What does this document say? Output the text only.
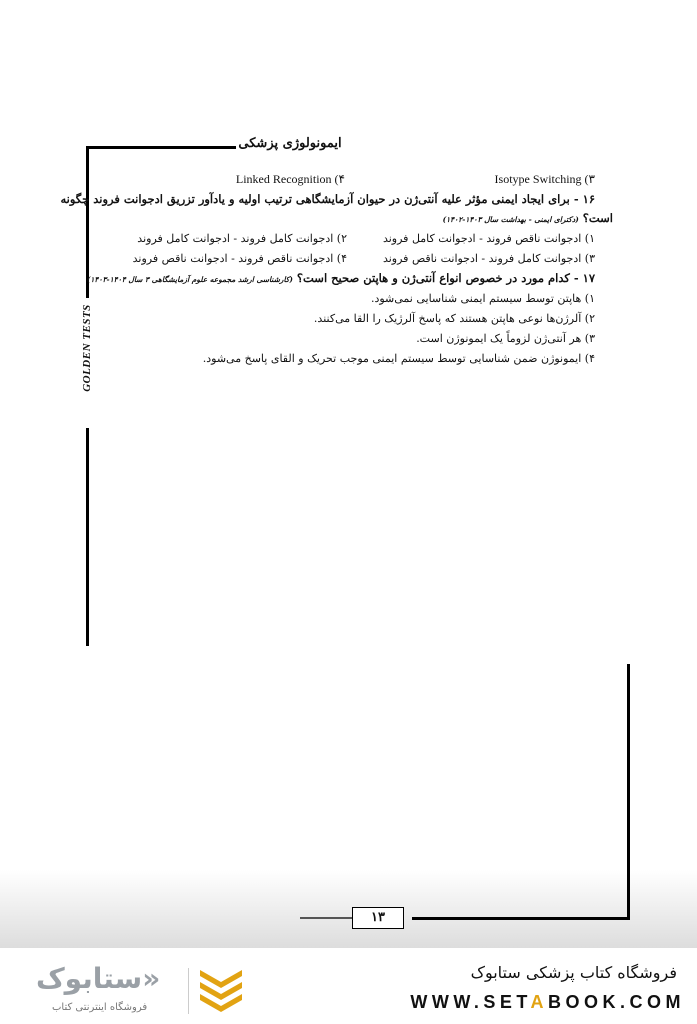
ایمونولوژی پزشکی
GOLDEN TESTS
۳) Isotype Switching
۴) Linked Recognition
۱۶ - برای ایجاد ایمنی مؤثر علیه آنتی‌ژن در حیوان آزمایشگاهی ترتیب اولیه و یادآور تزریق ادجوانت فروند چگونه
است؟ (دکترای ایمنی - بهداشت سال ۱۴۰۳-۱۴۰۲)
۱) ادجوانت ناقص فروند - ادجوانت کامل فروند
۲) ادجوانت کامل فروند - ادجوانت کامل فروند
۳) ادجوانت کامل فروند - ادجوانت ناقص فروند
۴) ادجوانت ناقص فروند - ادجوانت ناقص فروند
۱۷ - کدام مورد در خصوص انواع آنتی‌ژن و هاپتن صحیح است؟ (کارشناسی ارشد مجموعه علوم آزمایشگاهی ۳ سال ۱۴۰۴-۱۴۰۳)
۱) هاپتن توسط سیستم ایمنی شناسایی نمی‌شود.
۲) آلرژن‌ها نوعی هاپتن هستند که پاسخ آلرژیک را القا می‌کنند.
۳) هر آنتی‌ژن لزوماً یک ایمونوژن است.
۴) ایمونوژن ضمن شناسایی توسط سیستم ایمنی موجب تحریک و القای پاسخ می‌شود.
۱۳
فروشگاه کتاب پزشکی ستابوک
WWW.SETABOOK.COM
«ستابوک
فروشگاه اینترنتی کتاب
